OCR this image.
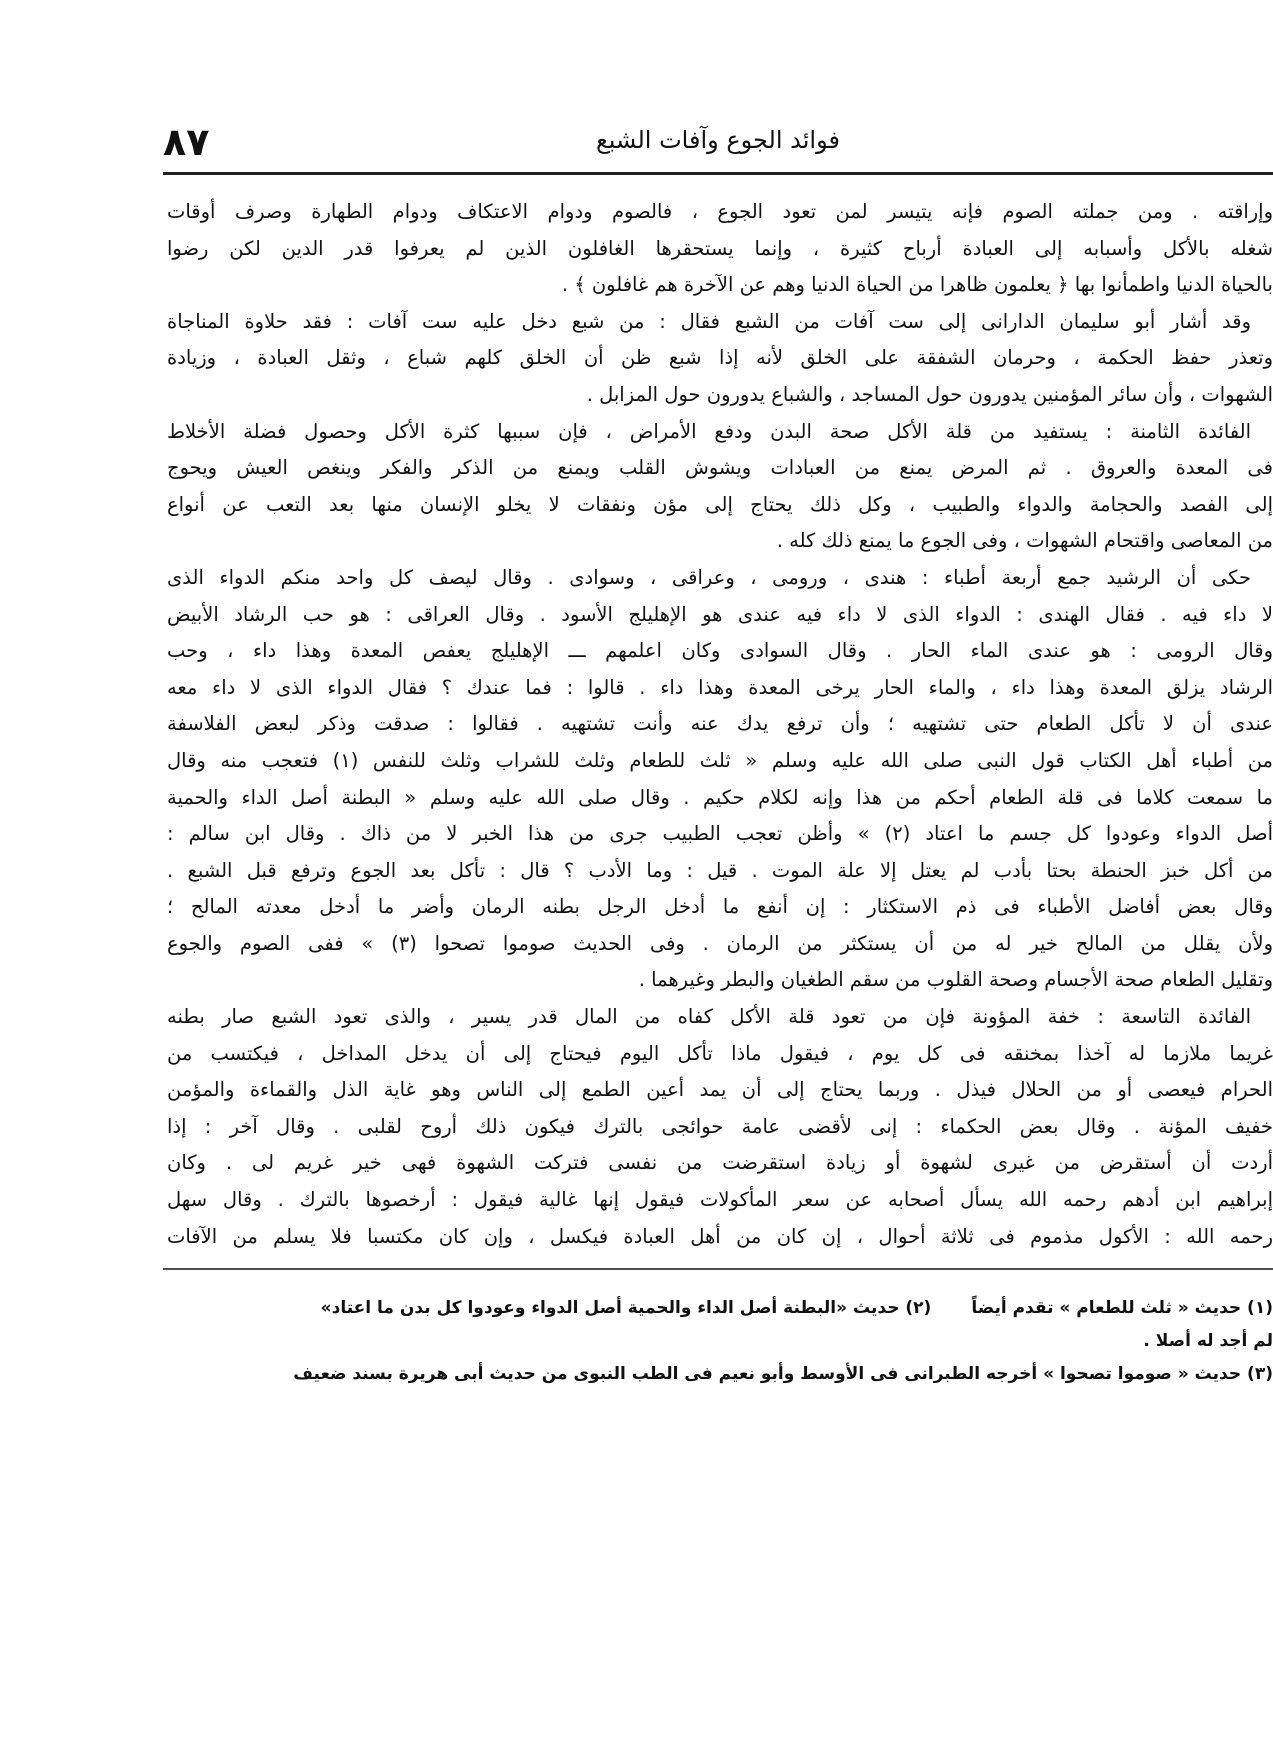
٨٧	فوائد الجوع وآفات الشبع
وإراقته . ومن جملته الصوم فإنه يتيسر لمن تعود الجوع ، فالصوم ودوام الاعتكاف ودوام الطهارة وصرف أوقات
شغله بالأكل وأسبابه إلى العبادة أرباح كثيرة ، وإنما يستحقرها الغافلون الذين لم يعرفوا قدر الدين لكن رضوا
بالحياة الدنيا واطمأنوا بها ﴿ يعلمون ظاهرا من الحياة الدنيا وهم عن الآخرة هم غافلون ﴾ .
وقد أشار أبو سليمان الدارانى إلى ست آفات من الشبع فقال : من شبع دخل عليه ست آفات : فقد حلاوة المناجاة
وتعذر حفظ الحكمة ، وحرمان الشفقة على الخلق لأنه إذا شبع ظن أن الخلق كلهم شباع ، وثقل العبادة ، وزيادة
الشهوات ، وأن سائر المؤمنين يدورون حول المساجد ، والشباع يدورون حول المزابل .
الفائدة الثامنة : يستفيد من قلة الأكل صحة البدن ودفع الأمراض ، فإن سببها كثرة الأكل وحصول فضلة الأخلاط
فى المعدة والعروق . ثم المرض يمنع من العبادات ويشوش القلب ويمنع من الذكر والفكر وينغص العيش ويحوج
إلى الفصد والحجامة والدواء والطبيب ، وكل ذلك يحتاج إلى مؤن ونفقات لا يخلو الإنسان منها بعد التعب عن أنواع
من المعاصى واقتحام الشهوات ، وفى الجوع ما يمنع ذلك كله .
حكى أن الرشيد جمع أربعة أطباء : هندى ، ورومى ، وعراقى ، وسوادى . وقال ليصف كل واحد منكم الدواء الذى
لا داء فيه . فقال الهندى : الدواء الذى لا داء فيه عندى هو الإهليلج الأسود . وقال العراقى : هو حب الرشاد الأبيض
وقال الرومى : هو عندى الماء الحار . وقال السوادى وكان اعلمهم ـــ الإهليلج يعفص المعدة وهذا داء ، وحب
الرشاد يزلق المعدة وهذا داء ، والماء الحار يرخى المعدة وهذا داء . قالوا : فما عندك ؟ فقال الدواء الذى لا داء معه
عندى أن لا تأكل الطعام حتى تشتهيه ؛ وأن ترفع يدك عنه وأنت تشتهيه . فقالوا : صدقت وذكر لبعض الفلاسفة
من أطباء أهل الكتاب قول النبى صلى الله عليه وسلم « ثلث للطعام وثلث للشراب وثلث للنفس (١) فتعجب منه وقال
ما سمعت كلاما فى قلة الطعام أحكم من هذا وإنه لكلام حكيم . وقال صلى الله عليه وسلم « البطنة أصل الداء والحمية
أصل الدواء وعودوا كل جسم ما اعتاد (٢) » وأظن تعجب الطبيب جرى من هذا الخبر لا من ذاك . وقال ابن سالم :
من أكل خبز الحنطة بحتا بأدب لم يعتل إلا علة الموت . قيل : وما الأدب ؟ قال : تأكل بعد الجوع وترفع قبل الشبع .
وقال بعض أفاضل الأطباء فى ذم الاستكثار : إن أنفع ما أدخل الرجل بطنه الرمان وأضر ما أدخل معدته المالح ؛
ولأن يقلل من المالح خير له من أن يستكثر من الرمان . وفى الحديث صوموا تصحوا (٣) » ففى الصوم والجوع
وتقليل الطعام صحة الأجسام وصحة القلوب من سقم الطغيان والبطر وغيرهما .
الفائدة التاسعة : خفة المؤونة فإن من تعود قلة الأكل كفاه من المال قدر يسير ، والذى تعود الشبع صار بطنه
غريما ملازما له آخذا بمخنقه فى كل يوم ، فيقول ماذا تأكل اليوم فيحتاج إلى أن يدخل المداخل ، فيكتسب من
الحرام فيعصى أو من الحلال فيذل . وربما يحتاج إلى أن يمد أعين الطمع إلى الناس وهو غاية الذل والقماءة والمؤمن
خفيف المؤنة . وقال بعض الحكماء : إنى لأقضى عامة حوائجى بالترك فيكون ذلك أروح لقلبى . وقال آخر : إذا
أردت أن أستقرض من غيرى لشهوة أو زيادة استقرضت من نفسى فتركت الشهوة فهى خير غريم لى . وكان
إبراهيم ابن أدهم رحمه الله يسأل أصحابه عن سعر المأكولات فيقول إنها غالية فيقول : أرخصوها بالترك . وقال سهل
رحمه الله : الأكول مذموم فى ثلاثة أحوال ، إن كان من أهل العبادة فيكسل ، وإن كان مكتسبا فلا يسلم من الآفات
(١) حديث « ثلث للطعام » تقدم أيضاً
(٢) حديث «البطنة أصل الداء والحمية أصل الدواء وعودوا كل بدن ما اعتاد»
لم أجد له أصلا .
(٣) حديث « صوموا تصحوا » أخرجه الطبرانى فى الأوسط وأبو نعيم فى الطب النبوى من حديث أبى هريرة بسند ضعيف
